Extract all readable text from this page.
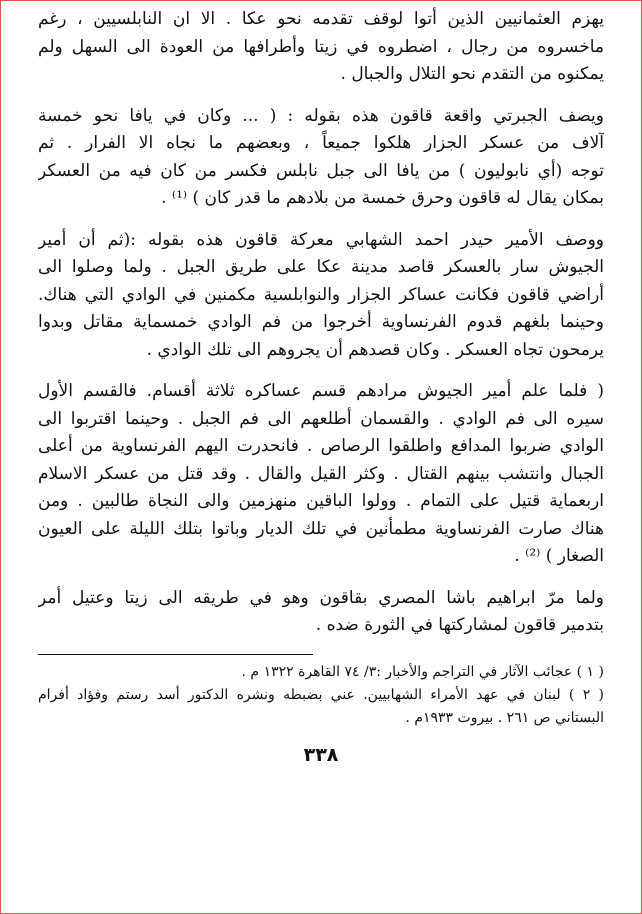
يهزم العثمانيين الذين أتوا لوقف تقدمه نحو عكا . الا ان النابلسيين ، رغم
ماخسروه من رجال ، اضطروه في زيتا وأطرافها من العودة الى السهل ولم
يمكنوه من التقدم نحو التلال والجبال .
ويصف الجبرتي واقعة قاقون هذه بقوله : ( ... وكان في يافا نحو خمسة
آلاف من عسكر الجزار هلكوا جميعاً ، وبعضهم ما نجاه الا الفرار . ثم
توجه (أي نابوليون ) من يافا الى جبل نابلس فكسر من كان فيه من العسكر
بمكان يقال له قاقون وحرق خمسة من بلادهم ما قدر كان ) ⁽¹⁾ .
ووصف الأمير حيدر احمد الشهابي معركة قاقون هذه بقوله :(ثم أن أمير
الجيوش سار بالعسكر قاصد مدينة عكا على طريق الجبل . ولما وصلوا الى
أراضي قاقون فكانت عساكر الجزار والنوابلسية مكمنين في الوادي التي هناك.
وحينما بلغهم قدوم الفرنساوية أخرجوا من فم الوادي خمسماية مقاتل وبدوا
يرمحون تجاه العسكر . وكان قصدهم أن يجروهم الى تلك الوادي .
( فلما علم أمير الجيوش مرادهم قسم عساكره ثلاثة أقسام. فالقسم الأول
سيره الى فم الوادي . والقسمان أطلعهم الى فم الجبل . وحينما اقتربوا الى
الوادي ضربوا المدافع واطلقوا الرصاص . فانحدرت اليهم الفرنساوية من أعلى
الجبال وانتشب بينهم القتال . وكثر القيل والقال . وقد قتل من عسكر الاسلام
اربعماية قتيل على التمام . وولوا الباقين منهزمين والى النجاة طالبين . ومن
هناك صارت الفرنساوية مطمأنين في تلك الديار وباتوا بتلك الليلة على العيون
الصغار ) ⁽²⁾ .
ولما مرّ ابراهيم باشا المصري بقاقون وهو في طريقه الى زيتا وعتيل أمر
بتدمير قاقون لمشاركتها في الثورة ضده .
( ١ ) عجائب الآثار في التراجم والأخبار :٣/ ٧٤ القاهرة ١٣٢٢ م .
( ٢ ) لبنان في عهد الأمراء الشهابيين. عني بضبطه ونشره الدكتور أسد رستم وفؤاد أفرام
البستاني ص ٢٦١ . بيروت ١٩٣٣م .
٣٣٨
